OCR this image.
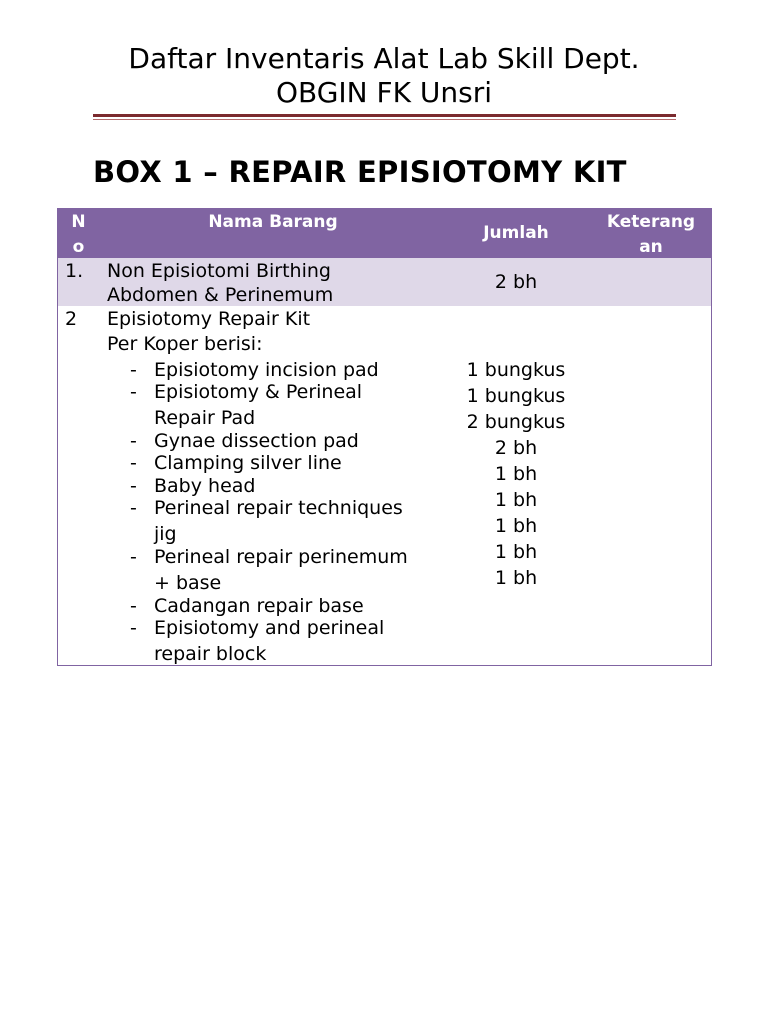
Daftar Inventaris Alat Lab Skill Dept.
OBGIN FK Unsri
BOX 1 – REPAIR EPISIOTOMY KIT
N
o
Nama Barang
Jumlah
Keterang
an
1. Non Episiotomi Birthing
Abdomen & Perinemum
2 bh
2 Episiotomy Repair Kit
Per Koper berisi:
- Episiotomy incision pad
- Episiotomy & Perineal
Repair Pad
- Gynae dissection pad
- Clamping silver line
- Baby head
- Perineal repair techniques
jig
- Perineal repair perinemum
+ base
- Cadangan repair base
- Episiotomy and perineal
repair block
1 bungkus
1 bungkus
2 bungkus
2 bh
1 bh
1 bh
1 bh
1 bh
1 bh
